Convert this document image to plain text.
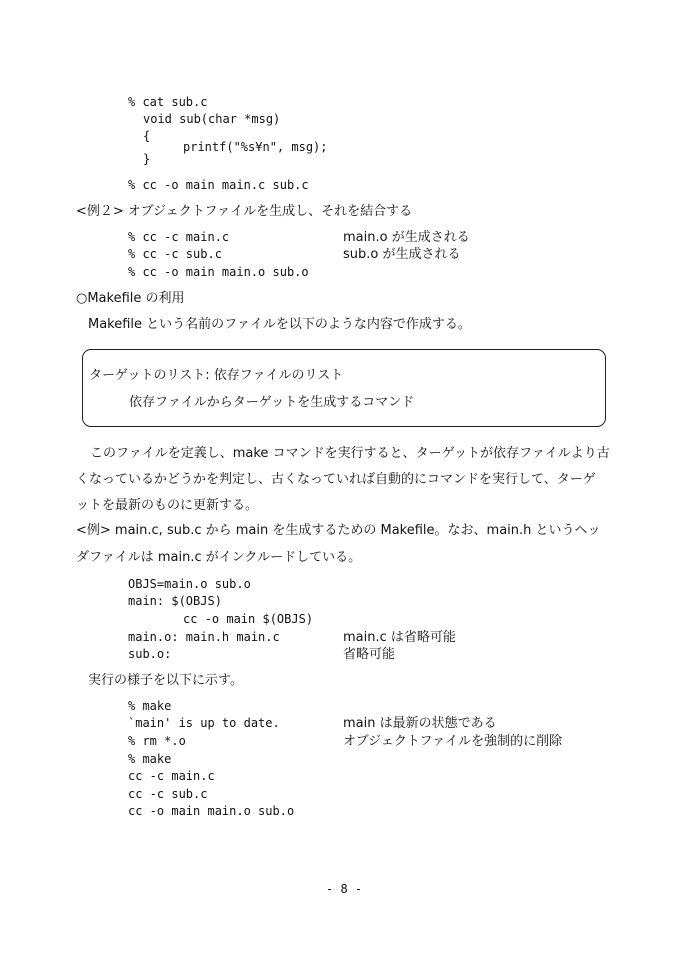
% cat sub.c
void sub(char *msg)
{
printf("%s¥n", msg);
}
% cc -o main main.c sub.c
<例２> オブジェクトファイルを生成し、それを結合する
% cc -c main.c	main.o が生成される
% cc -c sub.c	sub.o が生成される
% cc -o main main.o sub.o
○Makefile の利用
Makefile という名前のファイルを以下のような内容で作成する。
ターゲットのリスト: 依存ファイルのリスト
依存ファイルからターゲットを生成するコマンド
このファイルを定義し、make コマンドを実行すると、ターゲットが依存ファイルより古
くなっているかどうかを判定し、古くなっていれば自動的にコマンドを実行して、ターゲ
ットを最新のものに更新する。
<例> main.c, sub.c から main を生成するための Makefile。なお、main.h というヘッ
ダファイルは main.c がインクルードしている。
OBJS=main.o sub.o
main: $(OBJS)
cc -o main $(OBJS)
main.o: main.h main.c	main.c は省略可能
sub.o:	省略可能
実行の様子を以下に示す。
% make
`main' is up to date.	main は最新の状態である
% rm *.o	オブジェクトファイルを強制的に削除
% make
cc -c main.c
cc -c sub.c
cc -o main main.o sub.o
- 8 -
